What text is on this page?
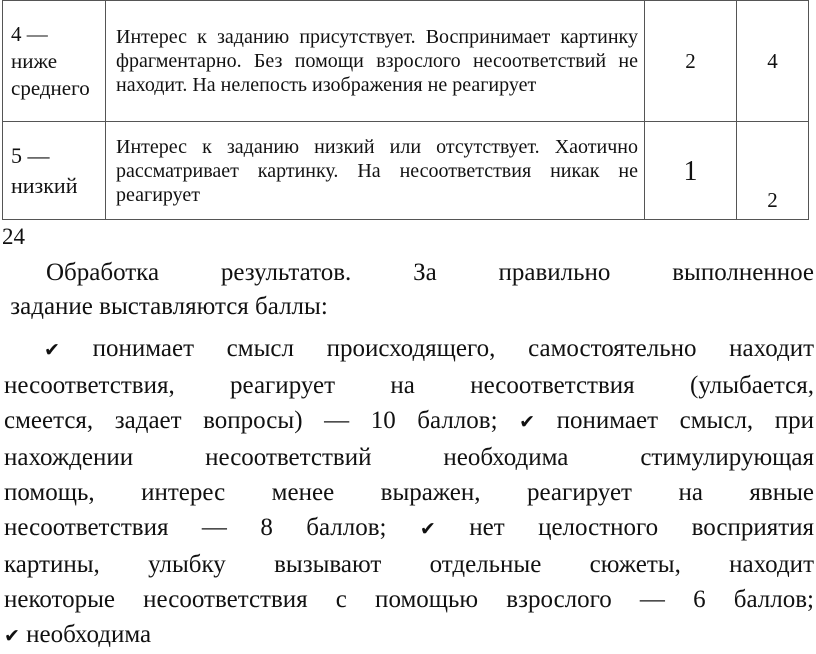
4 —
ниже
среднего	Интерес к заданию присутствует. Воспринимает картинку фрагментарно. Без помощи взрослого несоответствий не находит. На нелепость изображения не реагирует	2	4
5 —
низкий	Интерес к заданию низкий или отсутствует. Хаотично рассматривает картинку. На несоответствия никак не реагирует	1	2
24
Обработка результатов. За правильно выполненное
задание выставляются баллы:
✔ понимает смысл происходящего, самостоятельно находит
несоответствия, реагирует на несоответствия (улыбается,
смеется, задает вопросы) — 10 баллов; ✔ понимает смысл, при
нахождении несоответствий необходима стимулирующая
помощь, интерес менее выражен, реагирует на явные
несоответствия — 8 баллов; ✔ нет целостного восприятия
картины, улыбку вызывают отдельные сюжеты, находит
некоторые несоответствия с помощью взрослого — 6 баллов;
✔ необходима
